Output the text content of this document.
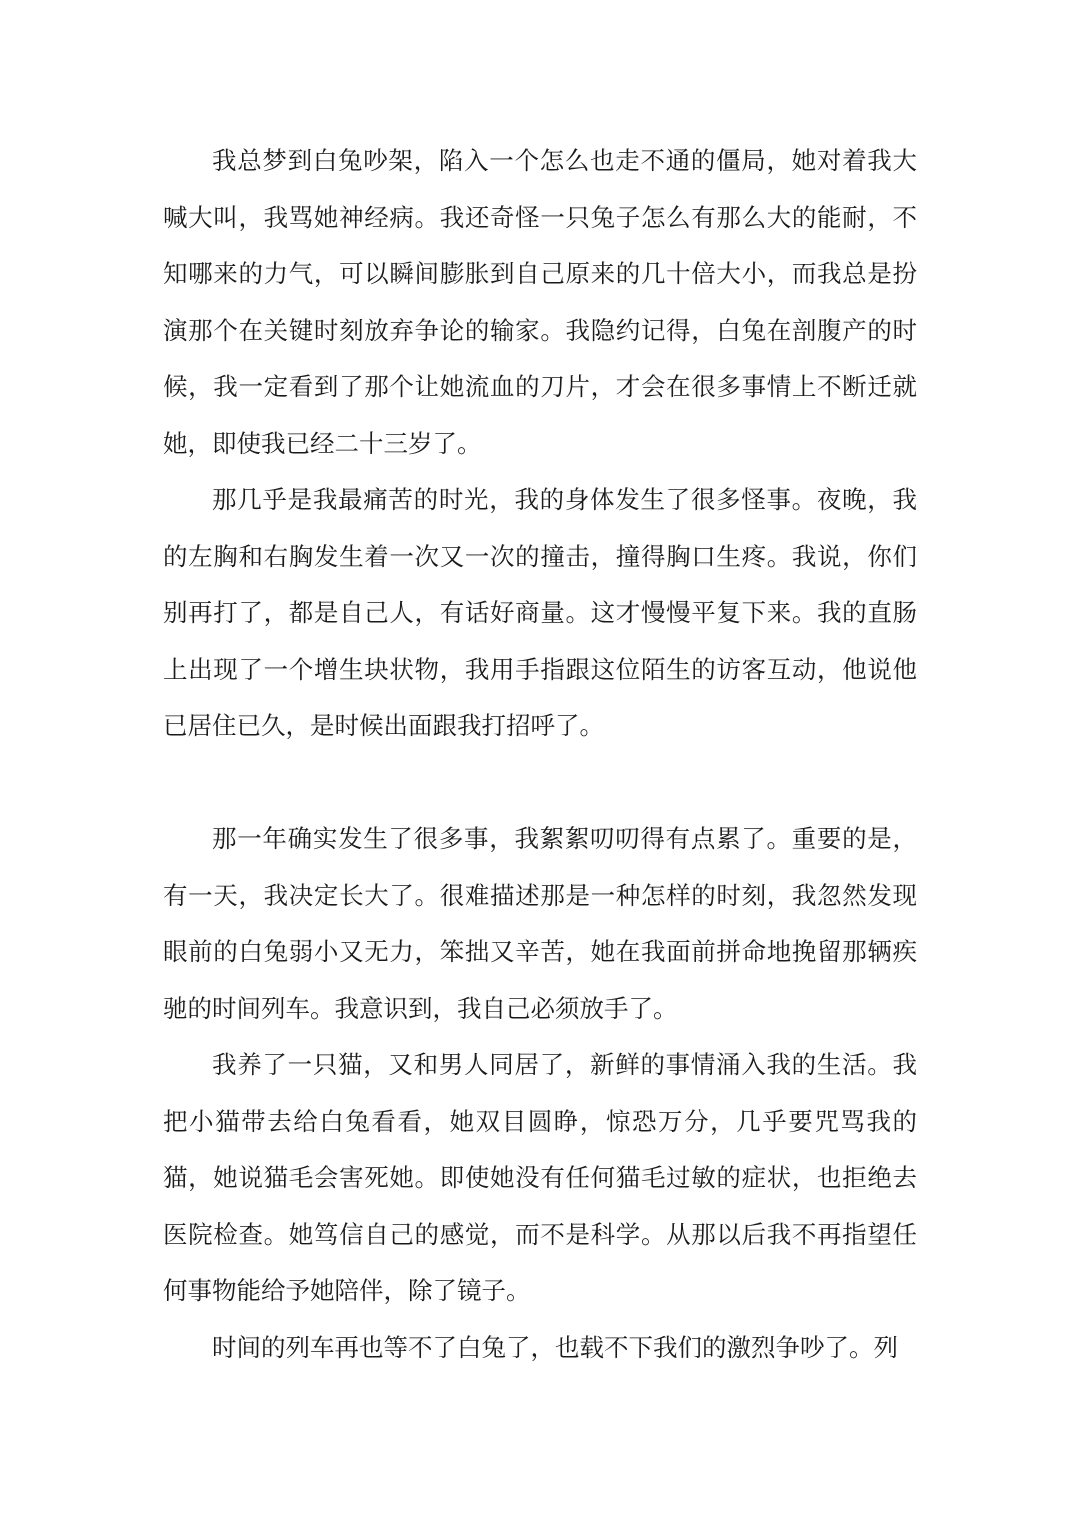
我总梦到白兔吵架，陷入一个怎么也走不通的僵局，她对着我大喊大叫，我骂她神经病。我还奇怪一只兔子怎么有那么大的能耐，不知哪来的力气，可以瞬间膨胀到自己原来的几十倍大小，而我总是扮演那个在关键时刻放弃争论的输家。我隐约记得，白兔在剖腹产的时候，我一定看到了那个让她流血的刀片，才会在很多事情上不断迁就她，即使我已经二十三岁了。

那几乎是我最痛苦的时光，我的身体发生了很多怪事。夜晚，我的左胸和右胸发生着一次又一次的撞击，撞得胸口生疼。我说，你们别再打了，都是自己人，有话好商量。这才慢慢平复下来。我的直肠上出现了一个增生块状物，我用手指跟这位陌生的访客互动，他说他已居住已久，是时候出面跟我打招呼了。

那一年确实发生了很多事，我絮絮叨叨得有点累了。重要的是，有一天，我决定长大了。很难描述那是一种怎样的时刻，我忽然发现眼前的白兔弱小又无力，笨拙又辛苦，她在我面前拼命地挽留那辆疾驰的时间列车。我意识到，我自己必须放手了。

我养了一只猫，又和男人同居了，新鲜的事情涌入我的生活。我把小猫带去给白兔看看，她双目圆睁，惊恐万分，几乎要咒骂我的猫，她说猫毛会害死她。即使她没有任何猫毛过敏的症状，也拒绝去医院检查。她笃信自己的感觉，而不是科学。从那以后我不再指望任何事物能给予她陪伴，除了镜子。

时间的列车再也等不了白兔了，也载不下我们的激烈争吵了。列
